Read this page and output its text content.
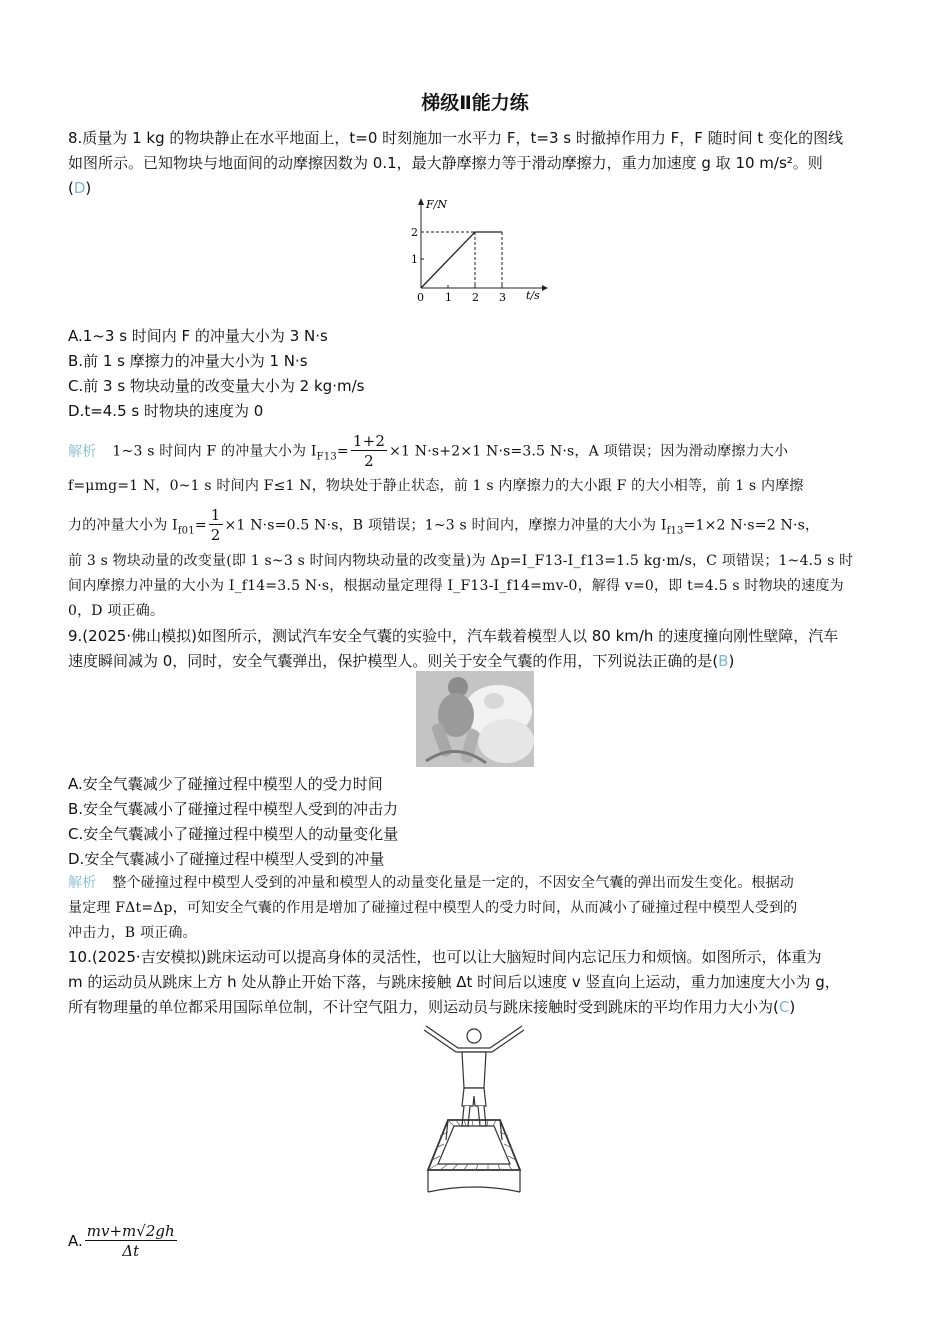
梯级Ⅱ能力练
8.质量为 1 kg 的物块静止在水平地面上，t=0 时刻施加一水平力 F，t=3 s 时撤掉作用力 F，F 随时间 t 变化的图线
如图所示。已知物块与地面间的动摩擦因数为 0.1，最大静摩擦力等于滑动摩擦力，重力加速度 g 取 10 m/s²。则
(D)
F/N
t/s
1
2
0 1 2 3
A.1~3 s 时间内 F 的冲量大小为 3 N·s
B.前 1 s 摩擦力的冲量大小为 1 N·s
C.前 3 s 物块动量的改变量大小为 2 kg·m/s
D.t=4.5 s 时物块的速度为 0
解析 1~3 s 时间内 F 的冲量大小为 $I_{F13}= \frac{1+2}{2} \times 1$ N·s+2×1 N·s=3.5 N·s，A 项错误；因为滑动摩擦力大小
f=μmg=1 N，0~1 s 时间内 F≤1 N，物块处于静止状态，前 1 s 内摩擦力的大小跟 F 的大小相等，前 1 s 内摩擦
力的冲量大小为 $I_{f01}= \frac{1}{2} \times 1$ N·s=0.5 N·s，B 项错误；1~3 s 时间内，摩擦力冲量的大小为 $I_{f13}=1\times 2$ N·s=2 N·s，
前 3 s 物块动量的改变量(即 1 s~3 s 时间内物块动量的改变量)为 Δp=I_F13-I_f13=1.5 kg·m/s，C 项错误；1~4.5 s 时
间内摩擦力冲量的大小为 I_f14=3.5 N·s，根据动量定理得 I_F13-I_f14=mv-0，解得 v=0，即 t=4.5 s 时物块的速度为
0，D 项正确。
9.(2025·佛山模拟)如图所示，测试汽车安全气囊的实验中，汽车载着模型人以 80 km/h 的速度撞向刚性壁障，汽车
速度瞬间减为 0，同时，安全气囊弹出，保护模型人。则关于安全气囊的作用，下列说法正确的是(B)
A.安全气囊减少了碰撞过程中模型人的受力时间
B.安全气囊减小了碰撞过程中模型人受到的冲击力
C.安全气囊减小了碰撞过程中模型人的动量变化量
D.安全气囊减小了碰撞过程中模型人受到的冲量
解析 整个碰撞过程中模型人受到的冲量和模型人的动量变化量是一定的，不因安全气囊的弹出而发生变化。根据动
量定理 FΔt=Δp，可知安全气囊的作用是增加了碰撞过程中模型人的受力时间，从而减小了碰撞过程中模型人受到的
冲击力，B 项正确。
10.(2025·吉安模拟)跳床运动可以提高身体的灵活性，也可以让大脑短时间内忘记压力和烦恼。如图所示，体重为
m 的运动员从跳床上方 h 处从静止开始下落，与跳床接触 Δt 时间后以速度 v 竖直向上运动，重力加速度大小为 g，
所有物理量的单位都采用国际单位制，不计空气阻力，则运动员与跳床接触时受到跳床的平均作用力大小为(C)
A. $\frac{mv+m√2gh}{\Delta t}$
